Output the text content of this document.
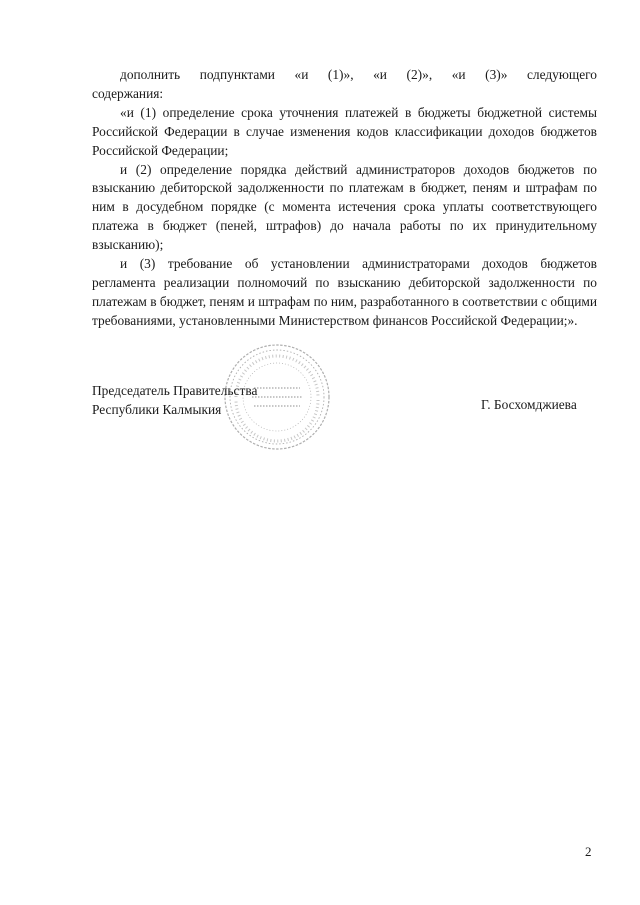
дополнить подпунктами «и (1)», «и (2)», «и (3)» следующего

содержания:

«и (1) определение срока уточнения платежей в бюджеты бюджетной системы Российской Федерации в случае изменения кодов классификации доходов бюджетов Российской Федерации;

и (2) определение порядка действий администраторов доходов бюджетов по взысканию дебиторской задолженности по платежам в бюджет, пеням и штрафам по ним в досудебном порядке (с момента истечения срока уплаты соответствующего платежа в бюджет (пеней, штрафов) до начала работы по их принудительному взысканию);

и (3) требование об установлении администраторами доходов бюджетов регламента реализации полномочий по взысканию дебиторской задолженности по платежам в бюджет, пеням и штрафам по ним, разработанного в соответствии с общими требованиями, установленными Министерством финансов Российской Федерации;».

Председатель Правительства
Республики Калмыкия	Г. Босхомджиева
2
